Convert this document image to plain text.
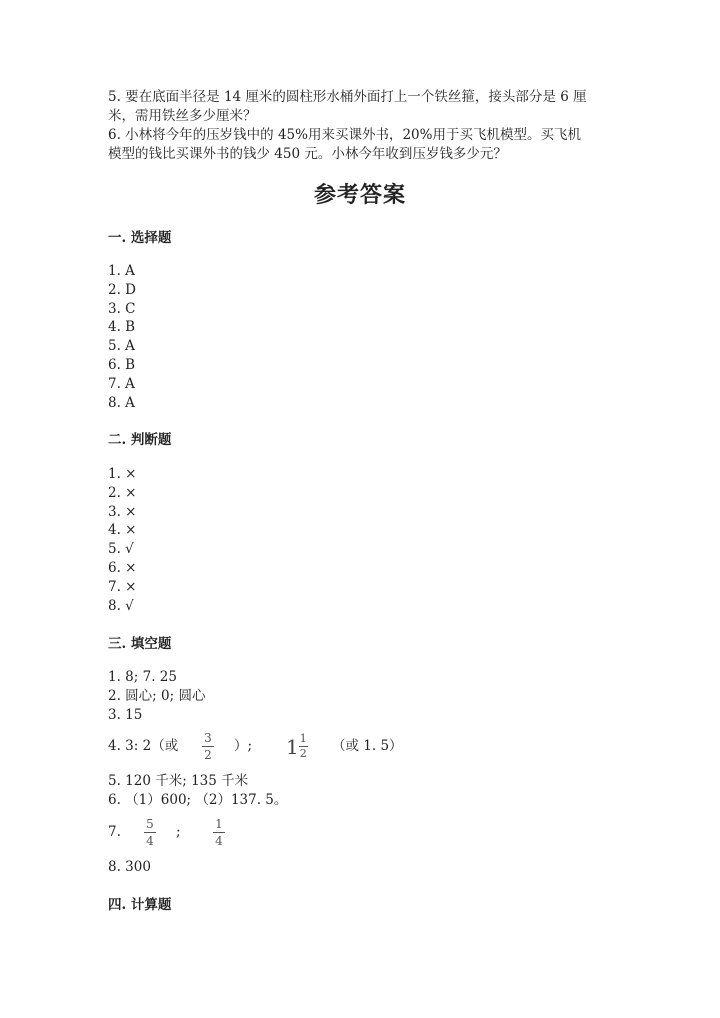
5. 要在底面半径是 14 厘米的圆柱形水桶外面打上一个铁丝箍，接头部分是 6 厘
米，需用铁丝多少厘米？
6. 小林将今年的压岁钱中的 45%用来买课外书，20%用于买飞机模型。买飞机
模型的钱比买课外书的钱少 450 元。小林今年收到压岁钱多少元？
参考答案
一. 选择题
1. A
2. D
3. C
4. B
5. A
6. B
7. A
8. A
二. 判断题
1. ×
2. ×
3. ×
4. ×
5. √
6. ×
7. ×
8. √
三. 填空题
1. 8; 7. 25
2. 圆心; 0; 圆心
3. 15
4. 3: 2（或 3
2
）; $1 \frac{1}{2}$ （或 1. 5）
5. 120 千米; 135 千米
6. （1）600; （2）137. 5。
7. 5
4
;	1
4
8. 300
四. 计算题
